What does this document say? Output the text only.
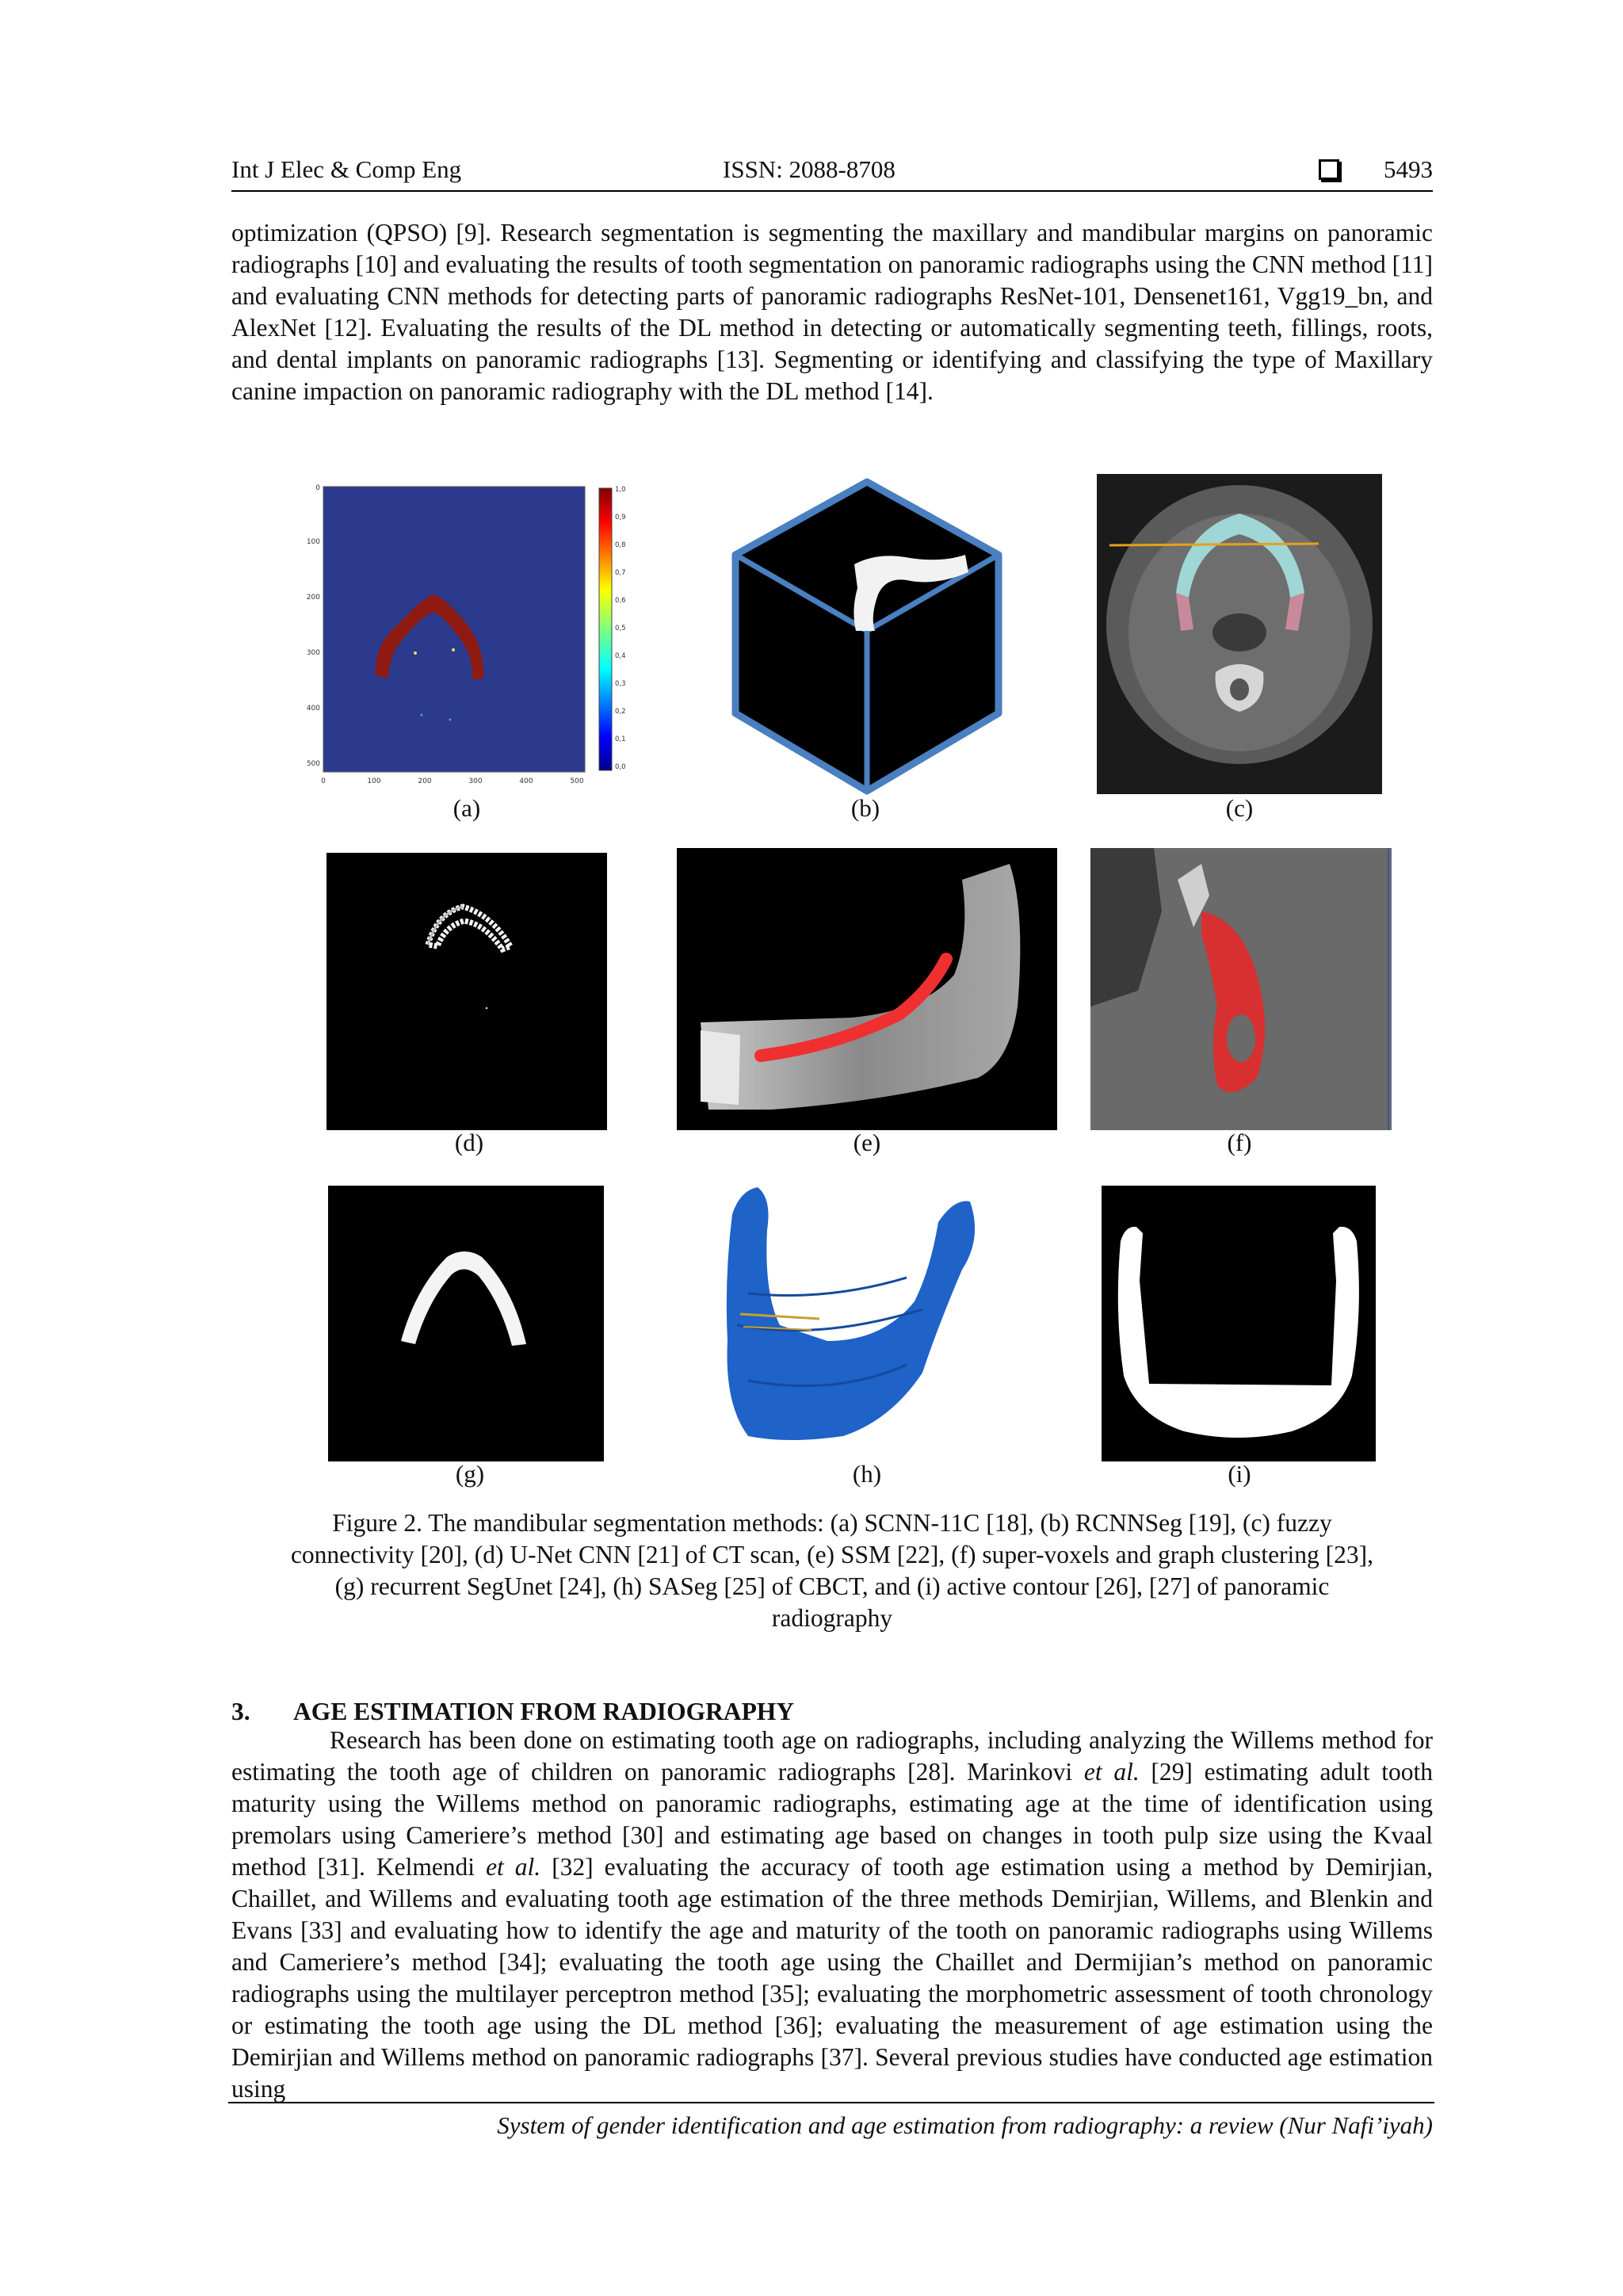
Int J Elec & Comp Eng	ISSN: 2088-8708	5493

optimization (QPSO) [9]. Research segmentation is segmenting the maxillary and mandibular margins on panoramic radiographs [10] and evaluating the results of tooth segmentation on panoramic radiographs using the CNN method [11] and evaluating CNN methods for detecting parts of panoramic radiographs ResNet-101, Densenet161, Vgg19_bn, and AlexNet [12]. Evaluating the results of the DL method in detecting or automatically segmenting teeth, fillings, roots, and dental implants on panoramic radiographs [13]. Segmenting or identifying and classifying the type of Maxillary canine impaction on panoramic radiography with the DL method [14].

0
100
200
300
400
500
0	100	200	300	400	500
1,0
0,9
0,8
0,7
0,6
0,5
0,4
0,3
0,2
0,1
0,0
(a)	(b)	(c)
(d)	(e)	(f)
(g)	(h)	(i)
Figure 2. The mandibular segmentation methods: (a) SCNN-11C [18], (b) RCNNSeg [19], (c) fuzzy
connectivity [20], (d) U-Net CNN [21] of CT scan, (e) SSM [22], (f) super-voxels and graph clustering [23],
(g) recurrent SegUnet [24], (h) SASeg [25] of CBCT, and (i) active contour [26], [27] of panoramic
radiography
3. AGE ESTIMATION FROM RADIOGRAPHY

Research has been done on estimating tooth age on radiographs, including analyzing the Willems method for estimating the tooth age of children on panoramic radiographs [28]. Marinkovi et al. [29] estimating adult tooth maturity using the Willems method on panoramic radiographs, estimating age at the time of identification using premolars using Cameriere’s method [30] and estimating age based on changes in tooth pulp size using the Kvaal method [31]. Kelmendi et al. [32] evaluating the accuracy of tooth age estimation using a method by Demirjian, Chaillet, and Willems and evaluating tooth age estimation of the three methods Demirjian, Willems, and Blenkin and Evans [33] and evaluating how to identify the age and maturity of the tooth on panoramic radiographs using Willems and Cameriere’s method [34]; evaluating the tooth age using the Chaillet and Dermijian’s method on panoramic radiographs using the multilayer perceptron method [35]; evaluating the morphometric assessment of tooth chronology or estimating the tooth age using the DL method [36]; evaluating the measurement of age estimation using the Demirjian and Willems method on panoramic radiographs [37]. Several previous studies have conducted age estimation using

System of gender identification and age estimation from radiography: a review (Nur Nafi’iyah)
